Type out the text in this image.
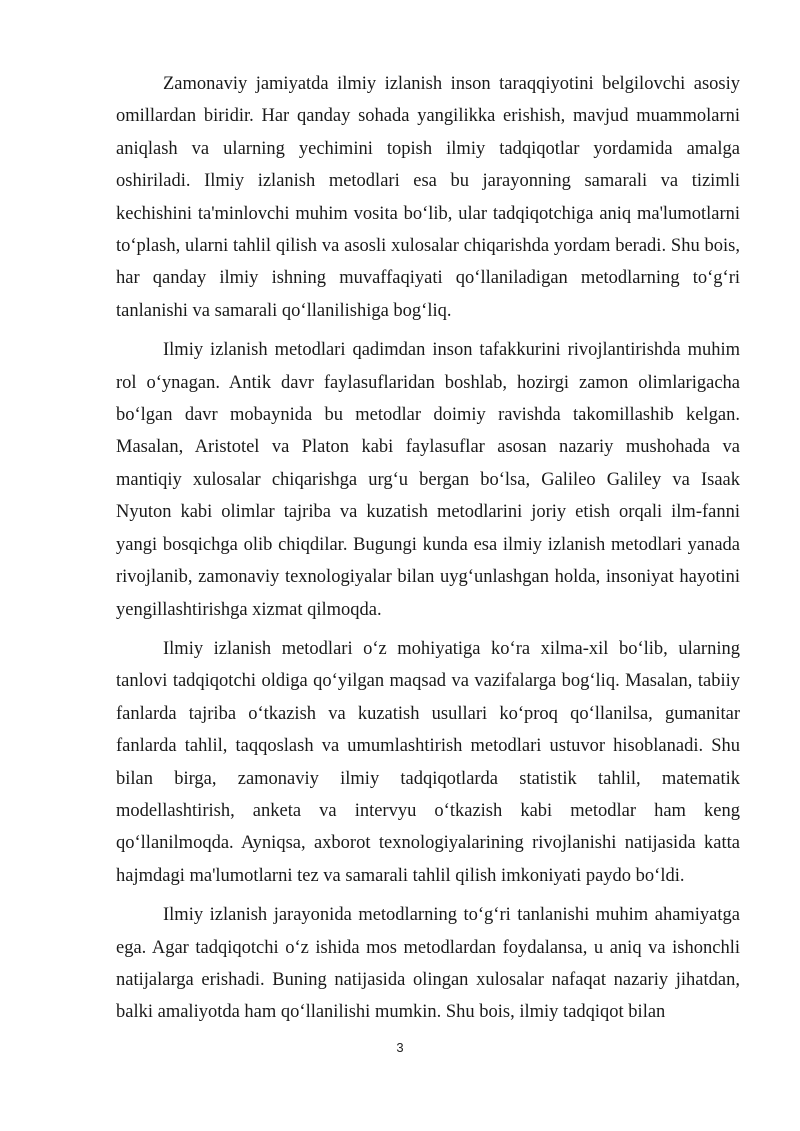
Zamonaviy jamiyatda ilmiy izlanish inson taraqqiyotini belgilovchi asosiy omillardan biridir. Har qanday sohada yangilikka erishish, mavjud muammolarni aniqlash va ularning yechimini topish ilmiy tadqiqotlar yordamida amalga oshiriladi. Ilmiy izlanish metodlari esa bu jarayonning samarali va tizimli kechishini ta'minlovchi muhim vosita bo‘lib, ular tadqiqotchiga aniq ma'lumotlarni to‘plash, ularni tahlil qilish va asosli xulosalar chiqarishda yordam beradi. Shu bois, har qanday ilmiy ishning muvaffaqiyati qo‘llaniladigan metodlarning to‘g‘ri tanlanishi va samarali qo‘llanilishiga bog‘liq.

Ilmiy izlanish metodlari qadimdan inson tafakkurini rivojlantirishda muhim rol o‘ynagan. Antik davr faylasuflaridan boshlab, hozirgi zamon olimlarigacha bo‘lgan davr mobaynida bu metodlar doimiy ravishda takomillashib kelgan. Masalan, Aristotel va Platon kabi faylasuflar asosan nazariy mushohada va mantiqiy xulosalar chiqarishga urg‘u bergan bo‘lsa, Galileo Galiley va Isaak Nyuton kabi olimlar tajriba va kuzatish metodlarini joriy etish orqali ilm-fanni yangi bosqichga olib chiqdilar. Bugungi kunda esa ilmiy izlanish metodlari yanada rivojlanib, zamonaviy texnologiyalar bilan uyg‘unlashgan holda, insoniyat hayotini yengillashtirishga xizmat qilmoqda.

Ilmiy izlanish metodlari o‘z mohiyatiga ko‘ra xilma-xil bo‘lib, ularning tanlovi tadqiqotchi oldiga qo‘yilgan maqsad va vazifalarga bog‘liq. Masalan, tabiiy fanlarda tajriba o‘tkazish va kuzatish usullari ko‘proq qo‘llanilsa, gumanitar fanlarda tahlil, taqqoslash va umumlashtirish metodlari ustuvor hisoblanadi. Shu bilan birga, zamonaviy ilmiy tadqiqotlarda statistik tahlil, matematik modellashtirish, anketa va intervyu o‘tkazish kabi metodlar ham keng qo‘llanilmoqda. Ayniqsa, axborot texnologiyalarining rivojlanishi natijasida katta hajmdagi ma'lumotlarni tez va samarali tahlil qilish imkoniyati paydo bo‘ldi.

Ilmiy izlanish jarayonida metodlarning to‘g‘ri tanlanishi muhim ahamiyatga ega. Agar tadqiqotchi o‘z ishida mos metodlardan foydalansa, u aniq va ishonchli natijalarga erishadi. Buning natijasida olingan xulosalar nafaqat nazariy jihatdan, balki amaliyotda ham qo‘llanilishi mumkin. Shu bois, ilmiy tadqiqot bilan

3
